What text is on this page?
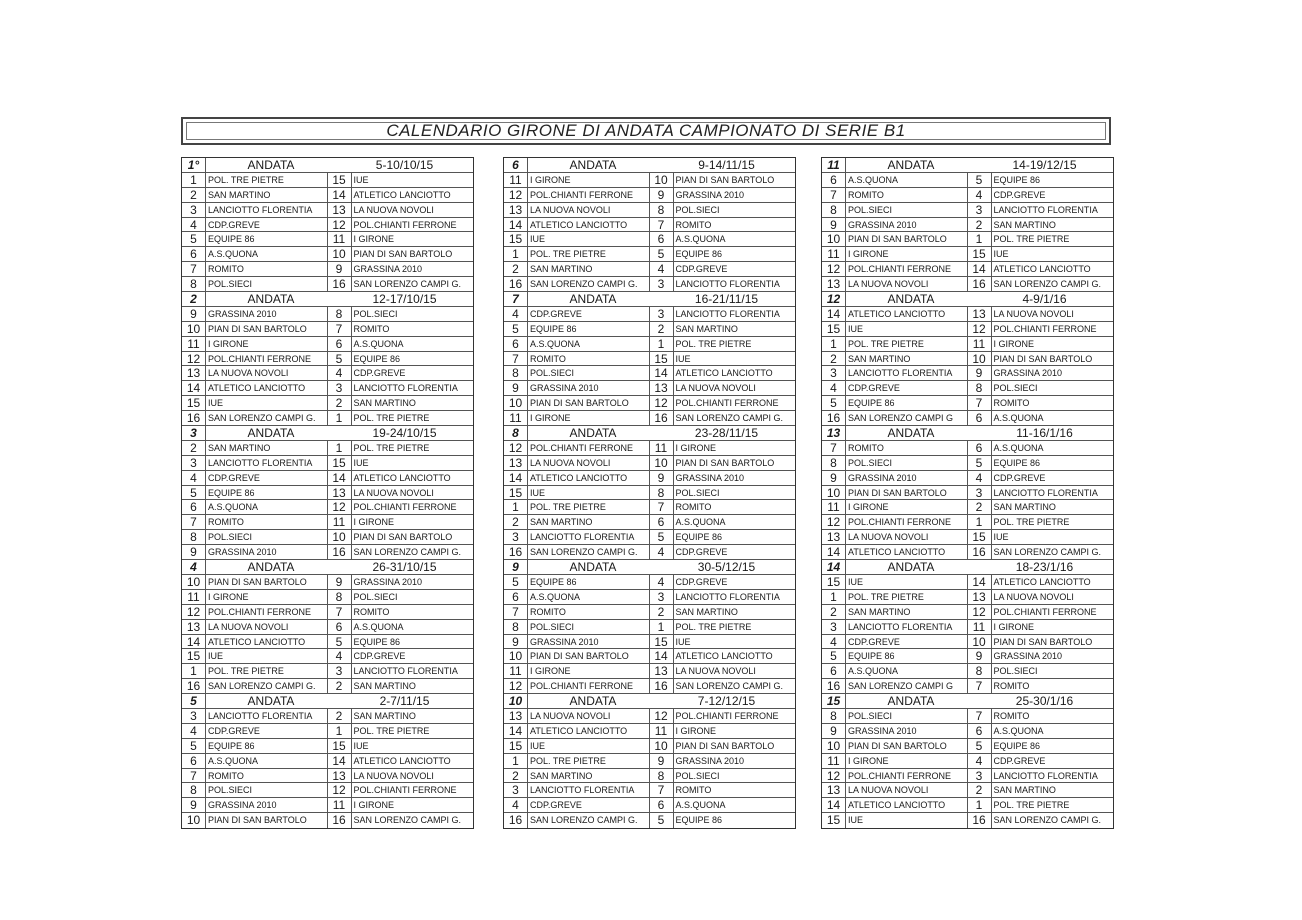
CALENDARIO GIRONE DI ANDATA CAMPIONATO DI SERIE B1
1°	ANDATA	5-10/10/15
1	POL. TRE PIETRE	15 IUE
2	SAN MARTINO	14 ATLETICO LANCIOTTO
3	LANCIOTTO FLORENTIA	13 LA NUOVA NOVOLI
4	CDP.GREVE	12 POL.CHIANTI FERRONE
5	EQUIPE 86	11 I GIRONE
6	A.S.QUONA	10 PIAN DI SAN BARTOLO
7	ROMITO	9	GRASSINA 2010
8	POL.SIECI	16 SAN LORENZO CAMPI G.
2	ANDATA	12-17/10/15
9	GRASSINA 2010	8	POL.SIECI
10 PIAN DI SAN BARTOLO	7	ROMITO
11 I GIRONE	6	A.S.QUONA
12 POL.CHIANTI FERRONE	5	EQUIPE 86
13 LA NUOVA NOVOLI	4	CDP.GREVE
14 ATLETICO LANCIOTTO	3	LANCIOTTO FLORENTIA
15 IUE	2	SAN MARTINO
16 SAN LORENZO CAMPI G.	1	POL. TRE PIETRE
3	ANDATA	19-24/10/15
2	SAN MARTINO	1	POL. TRE PIETRE
3	LANCIOTTO FLORENTIA	15 IUE
4	CDP.GREVE	14 ATLETICO LANCIOTTO
5	EQUIPE 86	13 LA NUOVA NOVOLI
6	A.S.QUONA	12 POL.CHIANTI FERRONE
7	ROMITO	11 I GIRONE
8	POL.SIECI	10 PIAN DI SAN BARTOLO
9	GRASSINA 2010	16 SAN LORENZO CAMPI G.
4	ANDATA	26-31/10/15
10 PIAN DI SAN BARTOLO	9	GRASSINA 2010
11 I GIRONE	8	POL.SIECI
12 POL.CHIANTI FERRONE	7	ROMITO
13 LA NUOVA NOVOLI	6	A.S.QUONA
14 ATLETICO LANCIOTTO	5	EQUIPE 86
15 IUE	4	CDP.GREVE
1	POL. TRE PIETRE	3	LANCIOTTO FLORENTIA
16 SAN LORENZO CAMPI G.	2	SAN MARTINO
5	ANDATA	2-7/11/15
3	LANCIOTTO FLORENTIA	2	SAN MARTINO
4	CDP.GREVE	1	POL. TRE PIETRE
5	EQUIPE 86	15 IUE
6	A.S.QUONA	14 ATLETICO LANCIOTTO
7	ROMITO	13 LA NUOVA NOVOLI
8	POL.SIECI	12 POL.CHIANTI FERRONE
9	GRASSINA 2010	11 I GIRONE
10 PIAN DI SAN BARTOLO	16 SAN LORENZO CAMPI G.
6	ANDATA	9-14/11/15
11 I GIRONE	10 PIAN DI SAN BARTOLO
12 POL.CHIANTI FERRONE	9	GRASSINA 2010
13 LA NUOVA NOVOLI	8	POL.SIECI
14 ATLETICO LANCIOTTO	7	ROMITO
15 IUE	6	A.S.QUONA
1	POL. TRE PIETRE	5	EQUIPE 86
2	SAN MARTINO	4	CDP.GREVE
16 SAN LORENZO CAMPI G.	3	LANCIOTTO FLORENTIA
7	ANDATA	16-21/11/15
4	CDP.GREVE	3	LANCIOTTO FLORENTIA
5	EQUIPE 86	2	SAN MARTINO
6	A.S.QUONA	1	POL. TRE PIETRE
7	ROMITO	15 IUE
8	POL.SIECI	14 ATLETICO LANCIOTTO
9	GRASSINA 2010	13 LA NUOVA NOVOLI
10 PIAN DI SAN BARTOLO	12 POL.CHIANTI FERRONE
11 I GIRONE	16 SAN LORENZO CAMPI G.
8	ANDATA	23-28/11/15
12 POL.CHIANTI FERRONE	11 I GIRONE
13 LA NUOVA NOVOLI	10 PIAN DI SAN BARTOLO
14 ATLETICO LANCIOTTO	9	GRASSINA 2010
15 IUE	8	POL.SIECI
1	POL. TRE PIETRE	7	ROMITO
2	SAN MARTINO	6	A.S.QUONA
3	LANCIOTTO FLORENTIA	5	EQUIPE 86
16 SAN LORENZO CAMPI G.	4	CDP.GREVE
9	ANDATA	30-5/12/15
5	EQUIPE 86	4	CDP.GREVE
6	A.S.QUONA	3	LANCIOTTO FLORENTIA
7	ROMITO	2	SAN MARTINO
8	POL.SIECI	1	POL. TRE PIETRE
9	GRASSINA 2010	15 IUE
10 PIAN DI SAN BARTOLO	14 ATLETICO LANCIOTTO
11 I GIRONE	13 LA NUOVA NOVOLI
12 POL.CHIANTI FERRONE	16 SAN LORENZO CAMPI G.
10	ANDATA	7-12/12/15
13 LA NUOVA NOVOLI	12 POL.CHIANTI FERRONE
14 ATLETICO LANCIOTTO	11 I GIRONE
15 IUE	10 PIAN DI SAN BARTOLO
1	POL. TRE PIETRE	9	GRASSINA 2010
2	SAN MARTINO	8	POL.SIECI
3	LANCIOTTO FLORENTIA	7	ROMITO
4	CDP.GREVE	6	A.S.QUONA
16 SAN LORENZO CAMPI G.	5	EQUIPE 86
11	ANDATA	14-19/12/15
6	A.S.QUONA	5	EQUIPE 86
7	ROMITO	4	CDP.GREVE
8	POL.SIECI	3	LANCIOTTO FLORENTIA
9	GRASSINA 2010	2	SAN MARTINO
10 PIAN DI SAN BARTOLO	1	POL. TRE PIETRE
11 I GIRONE	15 IUE
12 POL.CHIANTI FERRONE	14 ATLETICO LANCIOTTO
13 LA NUOVA NOVOLI	16 SAN LORENZO CAMPI G.
12	ANDATA	4-9/1/16
14 ATLETICO LANCIOTTO	13 LA NUOVA NOVOLI
15 IUE	12 POL.CHIANTI FERRONE
1	POL. TRE PIETRE	11 I GIRONE
2	SAN MARTINO	10 PIAN DI SAN BARTOLO
3	LANCIOTTO FLORENTIA	9	GRASSINA 2010
4	CDP.GREVE	8	POL.SIECI
5	EQUIPE 86	7	ROMITO
16 SAN LORENZO CAMPI G	6	A.S.QUONA
13	ANDATA	11-16/1/16
7	ROMITO	6	A.S.QUONA
8	POL.SIECI	5	EQUIPE 86
9	GRASSINA 2010	4	CDP.GREVE
10 PIAN DI SAN BARTOLO	3	LANCIOTTO FLORENTIA
11 I GIRONE	2	SAN MARTINO
12 POL.CHIANTI FERRONE	1	POL. TRE PIETRE
13 LA NUOVA NOVOLI	15 IUE
14 ATLETICO LANCIOTTO	16 SAN LORENZO CAMPI G.
14	ANDATA	18-23/1/16
15 IUE	14 ATLETICO LANCIOTTO
1	POL. TRE PIETRE	13 LA NUOVA NOVOLI
2	SAN MARTINO	12 POL.CHIANTI FERRONE
3	LANCIOTTO FLORENTIA	11 I GIRONE
4	CDP.GREVE	10 PIAN DI SAN BARTOLO
5	EQUIPE 86	9	GRASSINA 2010
6	A.S.QUONA	8	POL.SIECI
16 SAN LORENZO CAMPI G	7	ROMITO
15	ANDATA	25-30/1/16
8	POL.SIECI	7	ROMITO
9	GRASSINA 2010	6	A.S.QUONA
10 PIAN DI SAN BARTOLO	5	EQUIPE 86
11 I GIRONE	4	CDP.GREVE
12 POL.CHIANTI FERRONE	3	LANCIOTTO FLORENTIA
13 LA NUOVA NOVOLI	2	SAN MARTINO
14 ATLETICO LANCIOTTO	1	POL. TRE PIETRE
15 IUE	16 SAN LORENZO CAMPI G.
